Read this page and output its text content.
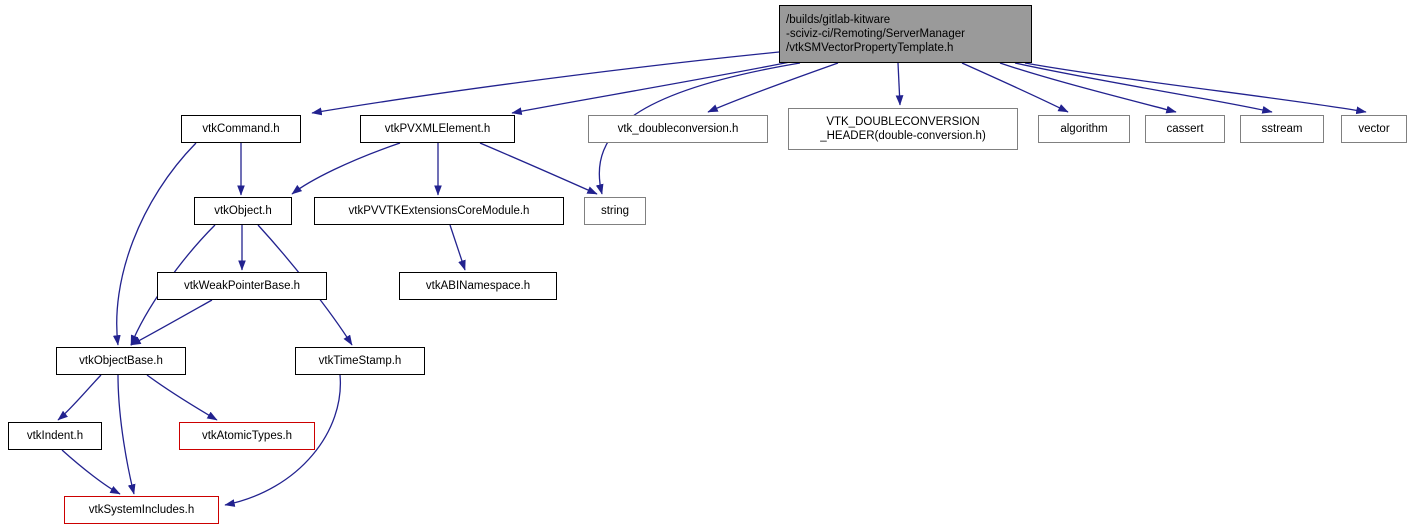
/builds/gitlab-kitware
-sciviz-ci/Remoting/ServerManager
/vtkSMVectorPropertyTemplate.h
vtkCommand.h	vtkPVXMLElement.h	vtk_doubleconversion.h
VTK_DOUBLECONVERSION
_HEADER(double-conversion.h)
algorithm	cassert	sstream	vector
vtkObject.h	vtkPVVTKExtensionsCoreModule.h	string
vtkWeakPointerBase.h	vtkABINamespace.h
vtkObjectBase.h	vtkTimeStamp.h
vtkIndent.h	vtkAtomicTypes.h
vtkSystemIncludes.h
